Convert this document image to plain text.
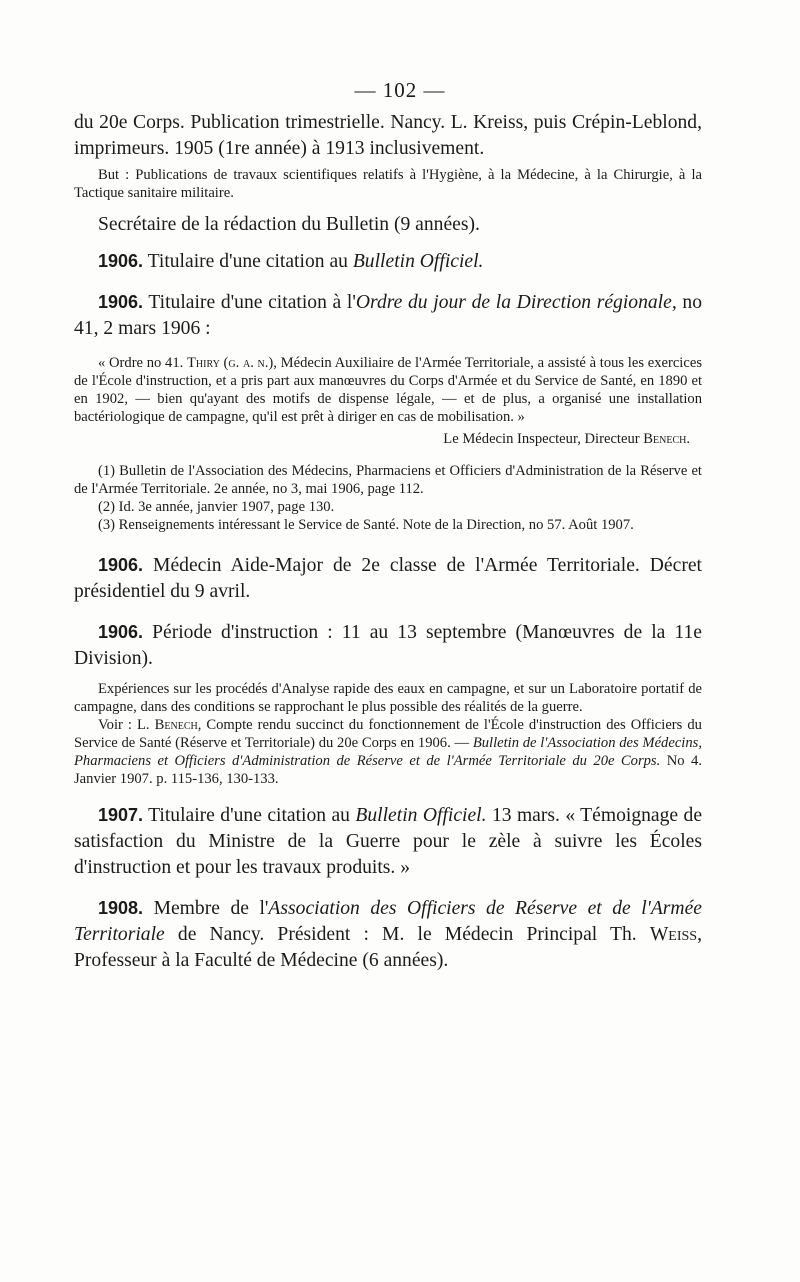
— 102 —

du 20e Corps. Publication trimestrielle. Nancy. L. Kreiss, puis Crépin-Leblond, imprimeurs. 1905 (1re année) à 1913 inclusivement.

But : Publications de travaux scientifiques relatifs à l'Hygiène, à la Médecine, à la Chirurgie, à la Tactique sanitaire militaire.

Secrétaire de la rédaction du Bulletin (9 années).

1906. Titulaire d'une citation au Bulletin Officiel.

1906. Titulaire d'une citation à l'Ordre du jour de la Direction régionale, no 41, 2 mars 1906 :

« Ordre no 41. Thiry (g. a. n.), Médecin Auxiliaire de l'Armée Territoriale, a assisté à tous les exercices de l'École d'instruction, et a pris part aux manœuvres du Corps d'Armée et du Service de Santé, en 1890 et en 1902, — bien qu'ayant des motifs de dispense légale, — et de plus, a organisé une installation bactériologique de campagne, qu'il est prêt à diriger en cas de mobilisation. »

Le Médecin Inspecteur, Directeur Benech.

(1) Bulletin de l'Association des Médecins, Pharmaciens et Officiers d'Administration de la Réserve et de l'Armée Territoriale. 2e année, no 3, mai 1906, page 112.

(2) Id. 3e année, janvier 1907, page 130.

(3) Renseignements intéressant le Service de Santé. Note de la Direction, no 57. Août 1907.

1906. Médecin Aide-Major de 2e classe de l'Armée Territoriale. Décret présidentiel du 9 avril.

1906. Période d'instruction : 11 au 13 septembre (Manœuvres de la 11e Division).

Expériences sur les procédés d'Analyse rapide des eaux en campagne, et sur un Laboratoire portatif de campagne, dans des conditions se rapprochant le plus possible des réalités de la guerre.

Voir : L. Benech, Compte rendu succinct du fonctionnement de l'École d'instruction des Officiers du Service de Santé (Réserve et Territoriale) du 20e Corps en 1906. — Bulletin de l'Association des Médecins, Pharmaciens et Officiers d'Administration de Réserve et de l'Armée Territoriale du 20e Corps. No 4. Janvier 1907. p. 115-136, 130-133.

1907. Titulaire d'une citation au Bulletin Officiel. 13 mars. « Témoignage de satisfaction du Ministre de la Guerre pour le zèle à suivre les Écoles d'instruction et pour les travaux produits. »

1908. Membre de l'Association des Officiers de Réserve et de l'Armée Territoriale de Nancy. Président : M. le Médecin Principal Th. Weiss, Professeur à la Faculté de Médecine (6 années).
